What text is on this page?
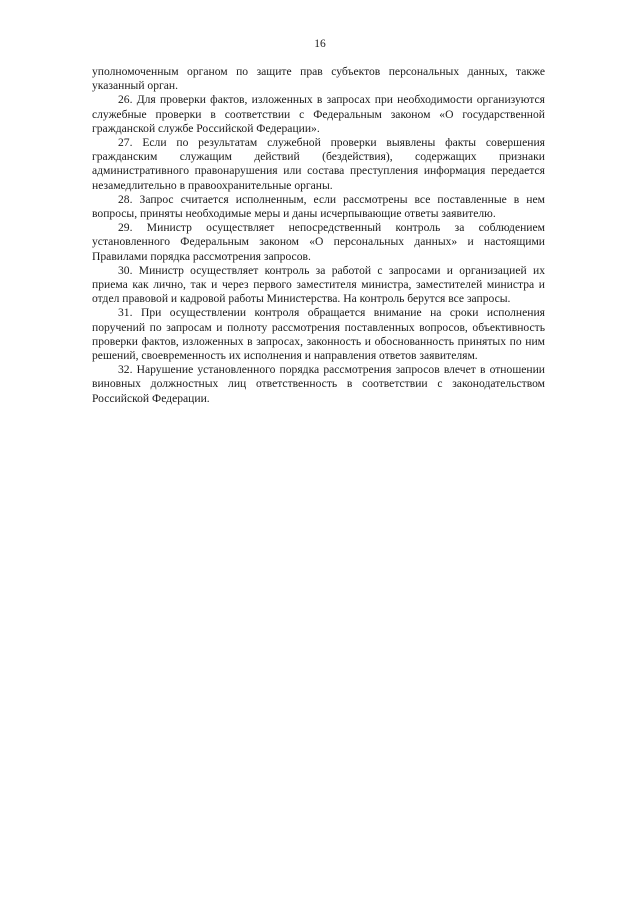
16

уполномоченным органом по защите прав субъектов персональных данных, также указанный орган.

26. Для проверки фактов, изложенных в запросах при необходимости организуются служебные проверки в соответствии с Федеральным законом «О государственной гражданской службе Российской Федерации».

27. Если по результатам служебной проверки выявлены факты совершения гражданским служащим действий (бездействия), содержащих признаки административного правонарушения или состава преступления информация передается незамедлительно в правоохранительные органы.

28. Запрос считается исполненным, если рассмотрены все поставленные в нем вопросы, приняты необходимые меры и даны исчерпывающие ответы заявителю.

29. Министр осуществляет непосредственный контроль за соблюдением установленного Федеральным законом «О персональных данных» и настоящими Правилами порядка рассмотрения запросов.

30. Министр осуществляет контроль за работой с запросами и организацией их приема как лично, так и через первого заместителя министра, заместителей министра и отдел правовой и кадровой работы Министерства. На контроль берутся все запросы.

31. При осуществлении контроля обращается внимание на сроки исполнения поручений по запросам и полноту рассмотрения поставленных вопросов, объективность проверки фактов, изложенных в запросах, законность и обоснованность принятых по ним решений, своевременность их исполнения и направления ответов заявителям.

32. Нарушение установленного порядка рассмотрения запросов влечет в отношении виновных должностных лиц ответственность в соответствии с законодательством Российской Федерации.
